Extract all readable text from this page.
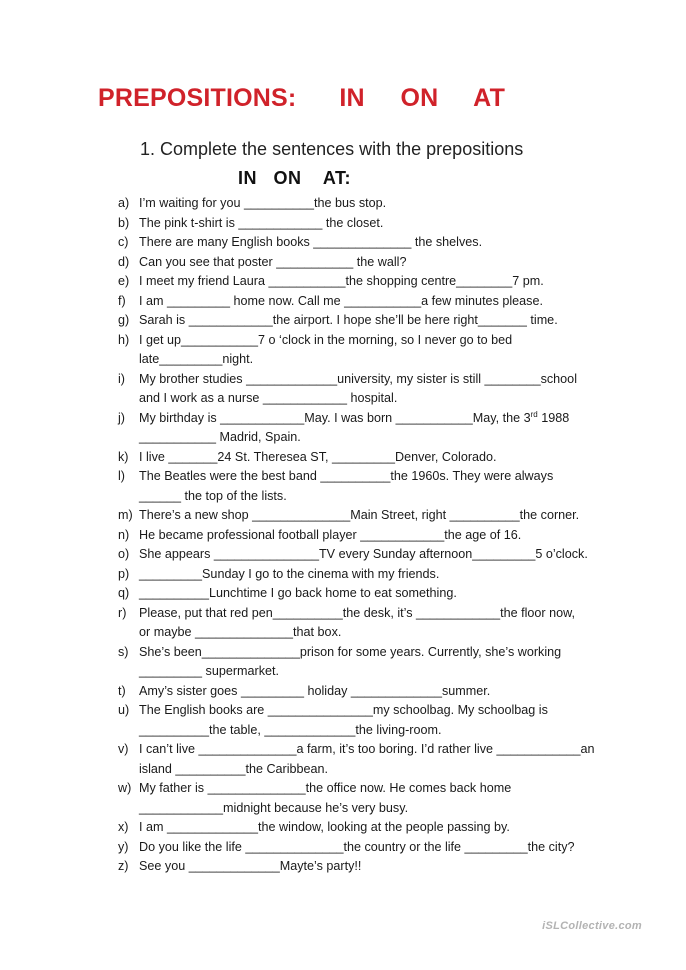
PREPOSITIONS:      IN     ON     AT
1. Complete the sentences with the prepositions
IN   ON    AT:
a) I’m waiting for you __________the bus stop.
b) The pink t-shirt is ____________ the closet.
c) There are many English books ______________ the shelves.
d) Can you see that poster ___________ the wall?
e) I meet my friend Laura ___________the shopping centre________7 pm.
f)	I am _________ home now. Call me ___________a few minutes please.
g) Sarah is ____________the airport. I hope she’ll be here right_______ time.
h) I get up___________7 o ‘clock in the morning, so I never go to bed
late_________night.
i)	My brother studies _____________university, my sister is still ________school
and I work as a nurse ____________ hospital.
j)	My birthday is ____________May. I was born ___________May, the 3rd 1988
___________ Madrid, Spain.
k) I live _______24 St. Theresea ST, _________Denver, Colorado.
l)	The Beatles were the best band __________the 1960s. They were always
______ the top of the lists.
m) There’s a new shop ______________Main Street, right __________the corner.
n) He became professional football player ____________the age of 16.
o) She appears _______________TV every Sunday afternoon_________5 o’clock.
p) _________Sunday I go to the cinema with my friends.
q) __________Lunchtime I go back home to eat something.
r)	Please, put that red pen__________the desk, it’s ____________the floor now,
or maybe ______________that box.
s) She’s been______________prison for some years. Currently, she’s working
_________ supermarket.
t)	Amy’s sister goes _________ holiday _____________summer.
u) The English books are _______________my schoolbag. My schoolbag is
__________the table, _____________the living-room.
v) I can’t live ______________a farm, it’s too boring. I’d rather live ____________an
island __________the Caribbean.
w) My father is ______________the office now. He comes back home
____________midnight because he’s very busy.
x) I am _____________the window, looking at the people passing by.
y) Do you like the life ______________the country or the life _________the city?
z) See you _____________Mayte’s party!!
iSLCollective.com
